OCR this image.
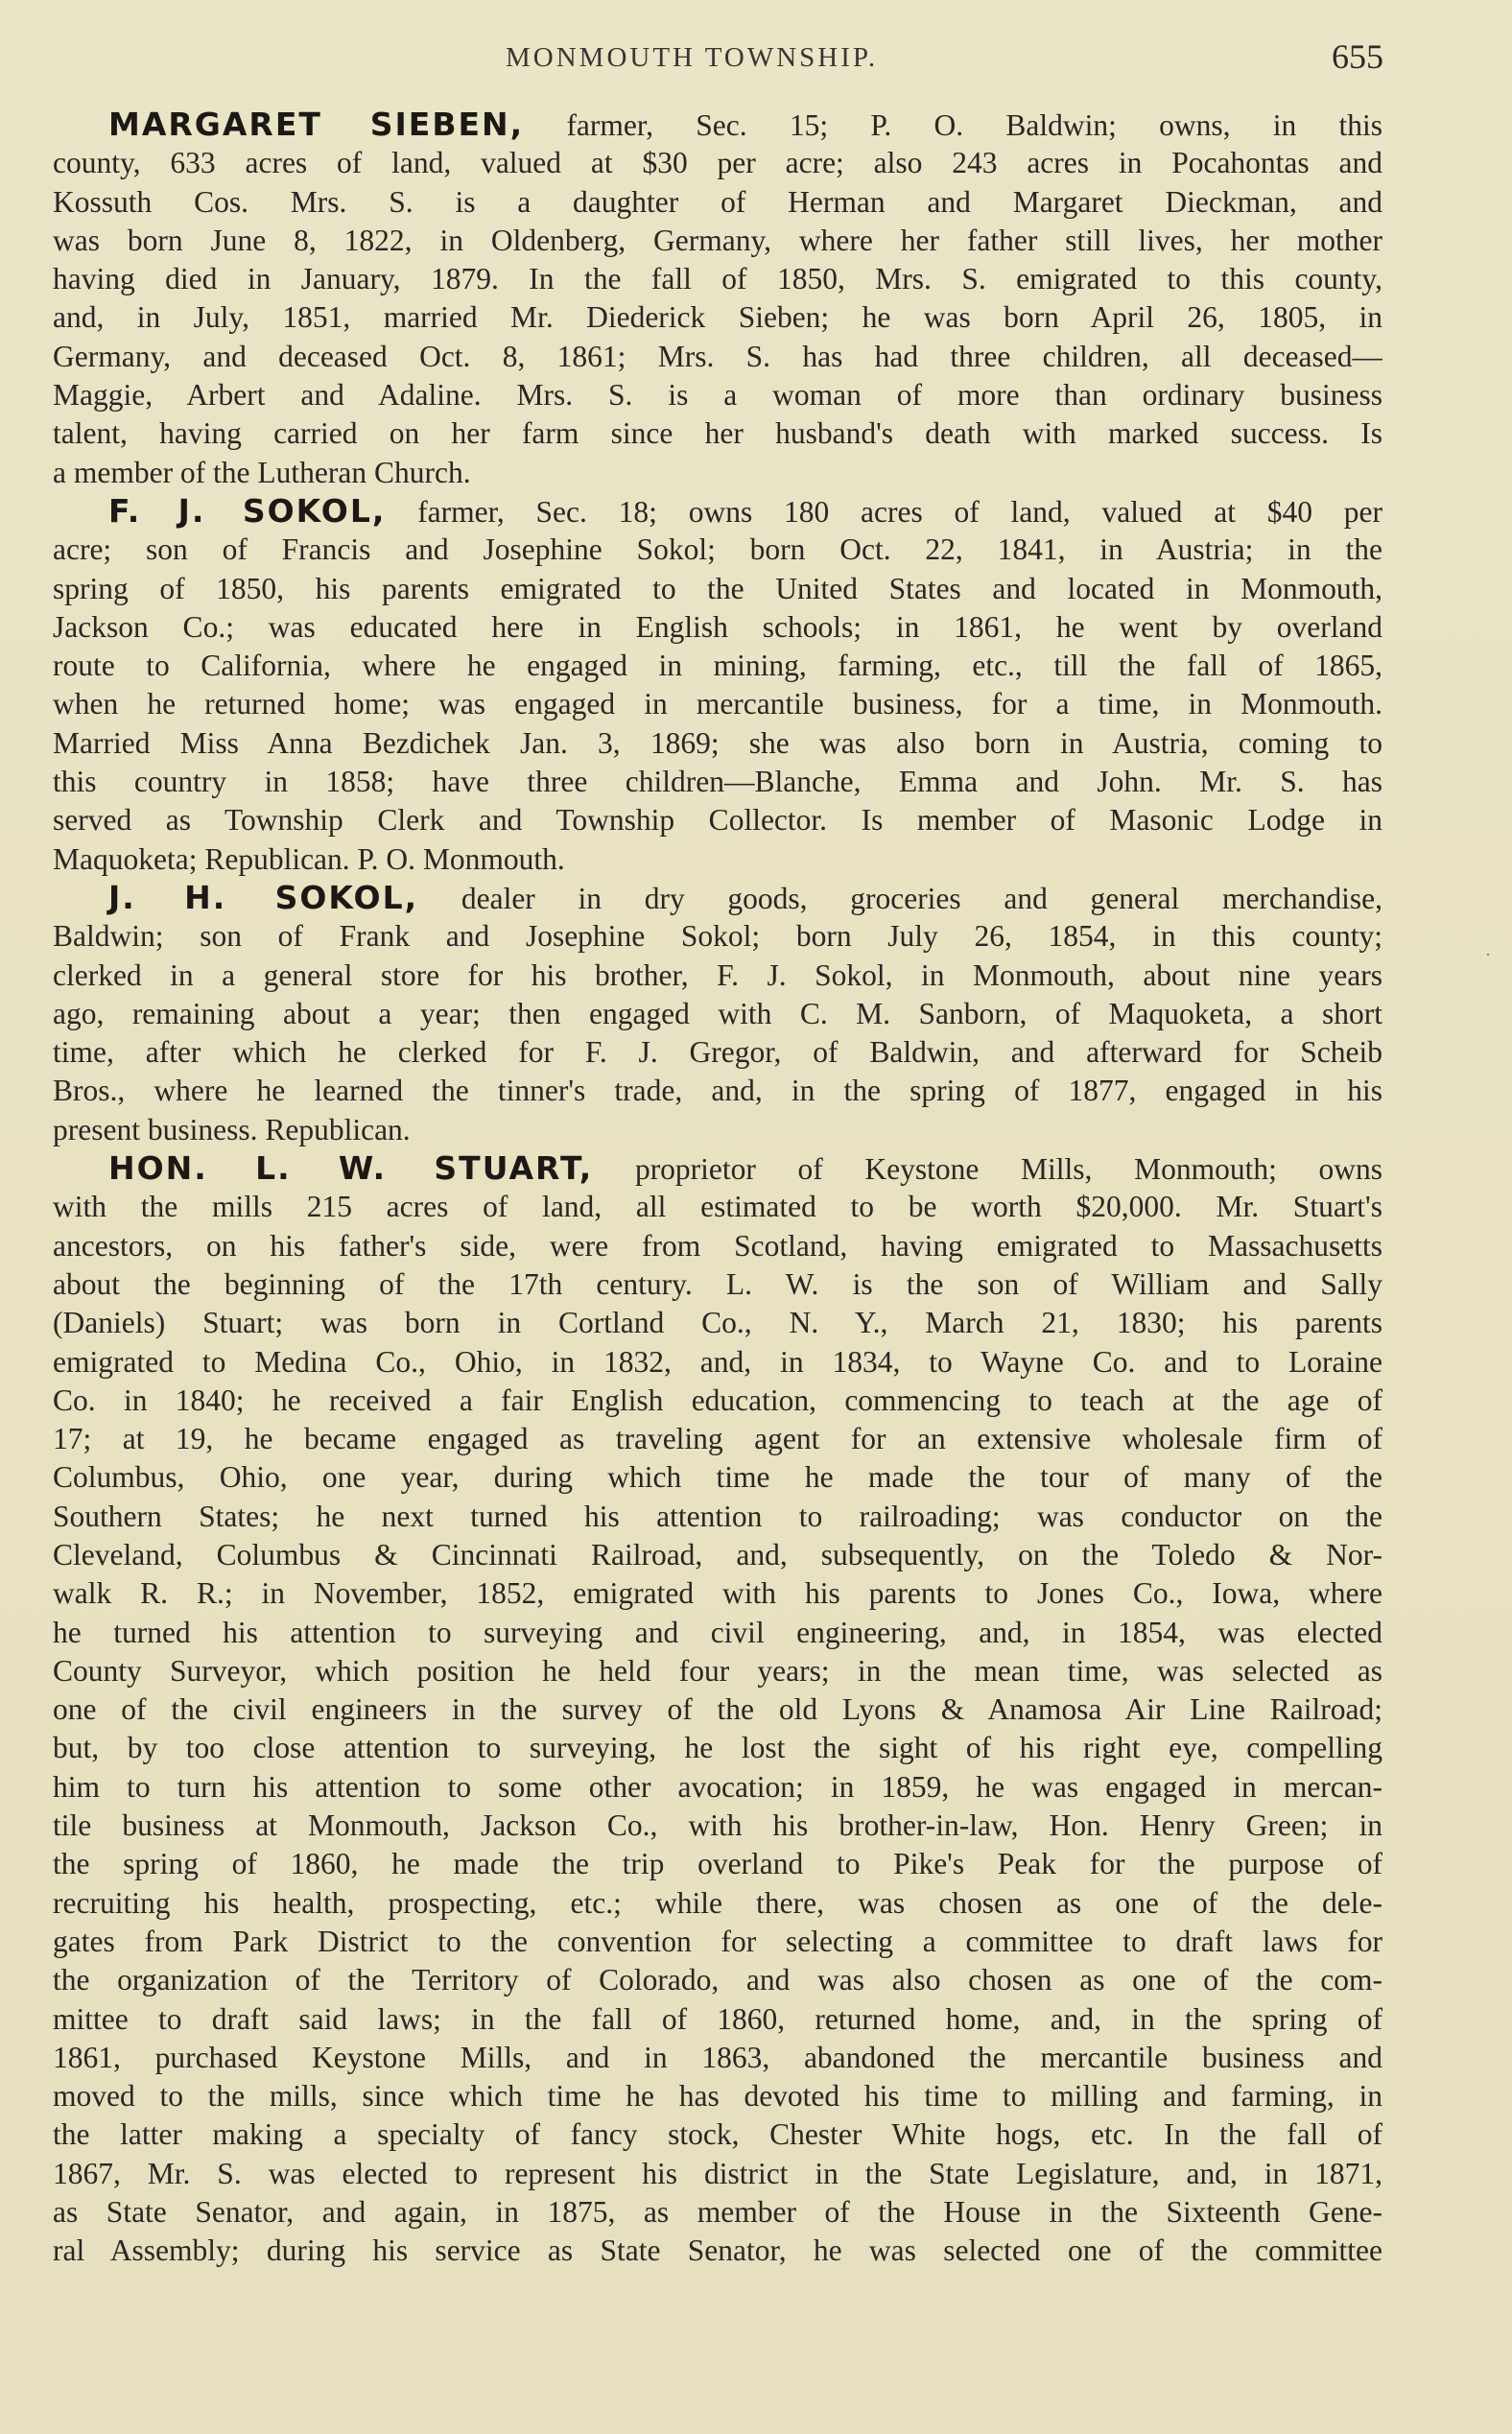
MONMOUTH TOWNSHIP.	655
MARGARET SIEBEN, farmer, Sec. 15; P. O. Baldwin; owns, in this
county, 633 acres of land, valued at $30 per acre; also 243 acres in Pocahontas and
Kossuth Cos. Mrs. S. is a daughter of Herman and Margaret Dieckman, and
was born June 8, 1822, in Oldenberg, Germany, where her father still lives, her mother
having died in January, 1879. In the fall of 1850, Mrs. S. emigrated to this county,
and, in July, 1851, married Mr. Diederick Sieben; he was born April 26, 1805, in
Germany, and deceased Oct. 8, 1861; Mrs. S. has had three children, all deceased—
Maggie, Arbert and Adaline. Mrs. S. is a woman of more than ordinary business
talent, having carried on her farm since her husband's death with marked success. Is
a member of the Lutheran Church.
F. J. SOKOL, farmer, Sec. 18; owns 180 acres of land, valued at $40 per
acre; son of Francis and Josephine Sokol; born Oct. 22, 1841, in Austria; in the
spring of 1850, his parents emigrated to the United States and located in Monmouth,
Jackson Co.; was educated here in English schools; in 1861, he went by overland
route to California, where he engaged in mining, farming, etc., till the fall of 1865,
when he returned home; was engaged in mercantile business, for a time, in Monmouth.
Married Miss Anna Bezdichek Jan. 3, 1869; she was also born in Austria, coming to
this country in 1858; have three children—Blanche, Emma and John. Mr. S. has
served as Township Clerk and Township Collector. Is member of Masonic Lodge in
Maquoketa; Republican. P. O. Monmouth.
J. H. SOKOL, dealer in dry goods, groceries and general merchandise,
Baldwin; son of Frank and Josephine Sokol; born July 26, 1854, in this county;
clerked in a general store for his brother, F. J. Sokol, in Monmouth, about nine years
ago, remaining about a year; then engaged with C. M. Sanborn, of Maquoketa, a short
time, after which he clerked for F. J. Gregor, of Baldwin, and afterward for Scheib
Bros., where he learned the tinner's trade, and, in the spring of 1877, engaged in his
present business. Republican.
HON. L. W. STUART, proprietor of Keystone Mills, Monmouth; owns
with the mills 215 acres of land, all estimated to be worth $20,000. Mr. Stuart's
ancestors, on his father's side, were from Scotland, having emigrated to Massachusetts
about the beginning of the 17th century. L. W. is the son of William and Sally
(Daniels) Stuart; was born in Cortland Co., N. Y., March 21, 1830; his parents
emigrated to Medina Co., Ohio, in 1832, and, in 1834, to Wayne Co. and to Loraine
Co. in 1840; he received a fair English education, commencing to teach at the age of
17; at 19, he became engaged as traveling agent for an extensive wholesale firm of
Columbus, Ohio, one year, during which time he made the tour of many of the
Southern States; he next turned his attention to railroading; was conductor on the
Cleveland, Columbus & Cincinnati Railroad, and, subsequently, on the Toledo & Nor-
walk R. R.; in November, 1852, emigrated with his parents to Jones Co., Iowa, where
he turned his attention to surveying and civil engineering, and, in 1854, was elected
County Surveyor, which position he held four years; in the mean time, was selected as
one of the civil engineers in the survey of the old Lyons & Anamosa Air Line Railroad;
but, by too close attention to surveying, he lost the sight of his right eye, compelling
him to turn his attention to some other avocation; in 1859, he was engaged in mercan-
tile business at Monmouth, Jackson Co., with his brother-in-law, Hon. Henry Green; in
the spring of 1860, he made the trip overland to Pike's Peak for the purpose of
recruiting his health, prospecting, etc.; while there, was chosen as one of the dele-
gates from Park District to the convention for selecting a committee to draft laws for
the organization of the Territory of Colorado, and was also chosen as one of the com-
mittee to draft said laws; in the fall of 1860, returned home, and, in the spring of
1861, purchased Keystone Mills, and in 1863, abandoned the mercantile business and
moved to the mills, since which time he has devoted his time to milling and farming, in
the latter making a specialty of fancy stock, Chester White hogs, etc. In the fall of
1867, Mr. S. was elected to represent his district in the State Legislature, and, in 1871,
as State Senator, and again, in 1875, as member of the House in the Sixteenth Gene-
ral Assembly; during his service as State Senator, he was selected one of the committee
·
